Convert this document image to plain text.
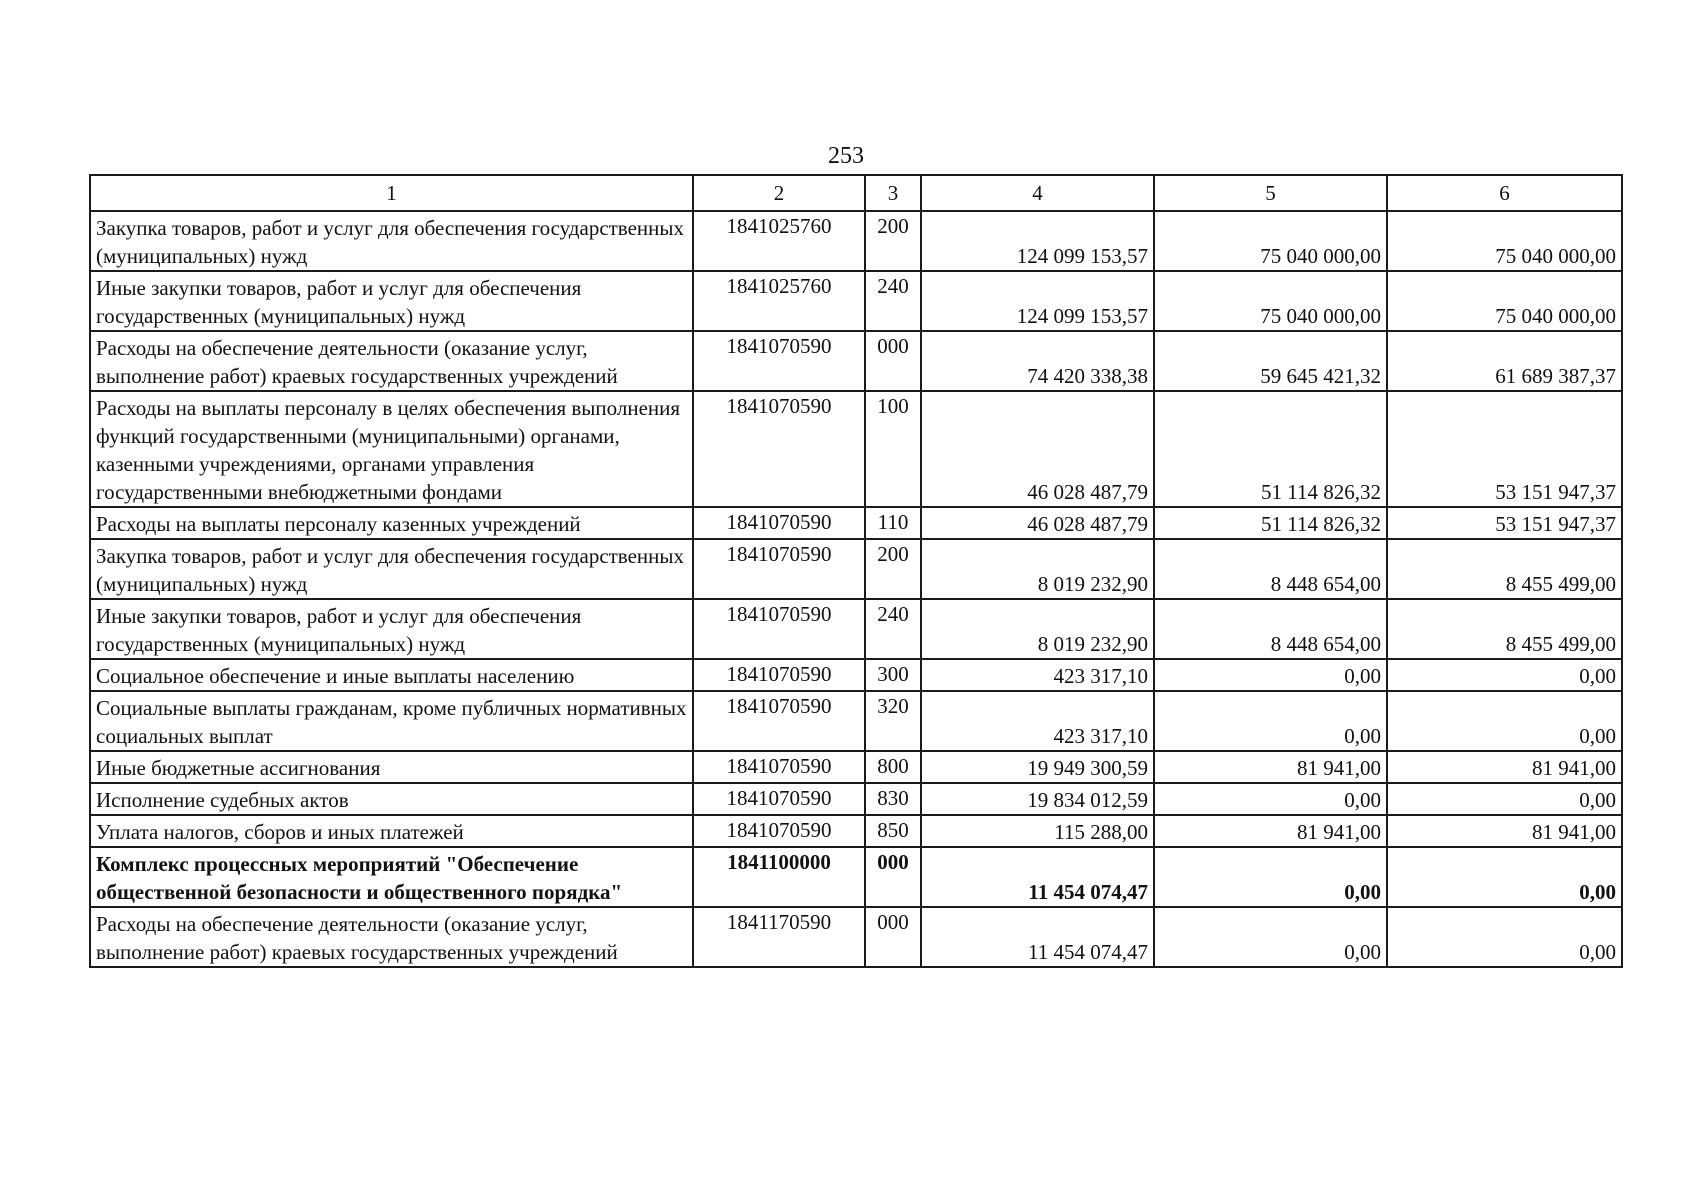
253
1	2	3	4	5	6
Закупка товаров, работ и услуг для обеспечения государственных (муниципальных) нужд	1841025760	200	124 099 153,57	75 040 000,00	75 040 000,00
Иные закупки товаров, работ и услуг для обеспечения государственных (муниципальных) нужд	1841025760	240	124 099 153,57	75 040 000,00	75 040 000,00
Расходы на обеспечение деятельности (оказание услуг, выполнение работ) краевых государственных учреждений	1841070590	000	74 420 338,38	59 645 421,32	61 689 387,37
Расходы на выплаты персоналу в целях обеспечения выполнения функций государственными (муниципальными) органами, казенными учреждениями, органами управления государственными внебюджетными фондами	1841070590	100	46 028 487,79	51 114 826,32	53 151 947,37
Расходы на выплаты персоналу казенных учреждений	1841070590	110	46 028 487,79	51 114 826,32	53 151 947,37
Закупка товаров, работ и услуг для обеспечения государственных (муниципальных) нужд	1841070590	200	8 019 232,90	8 448 654,00	8 455 499,00
Иные закупки товаров, работ и услуг для обеспечения государственных (муниципальных) нужд	1841070590	240	8 019 232,90	8 448 654,00	8 455 499,00
Социальное обеспечение и иные выплаты населению	1841070590	300	423 317,10	0,00	0,00
Социальные выплаты гражданам, кроме публичных нормативных социальных выплат	1841070590	320	423 317,10	0,00	0,00
Иные бюджетные ассигнования	1841070590	800	19 949 300,59	81 941,00	81 941,00
Исполнение судебных актов	1841070590	830	19 834 012,59	0,00	0,00
Уплата налогов, сборов и иных платежей	1841070590	850	115 288,00	81 941,00	81 941,00
Комплекс процессных мероприятий "Обеспечение общественной безопасности и общественного порядка"	1841100000	000	11 454 074,47	0,00	0,00
Расходы на обеспечение деятельности (оказание услуг, выполнение работ) краевых государственных учреждений	1841170590	000	11 454 074,47	0,00	0,00
